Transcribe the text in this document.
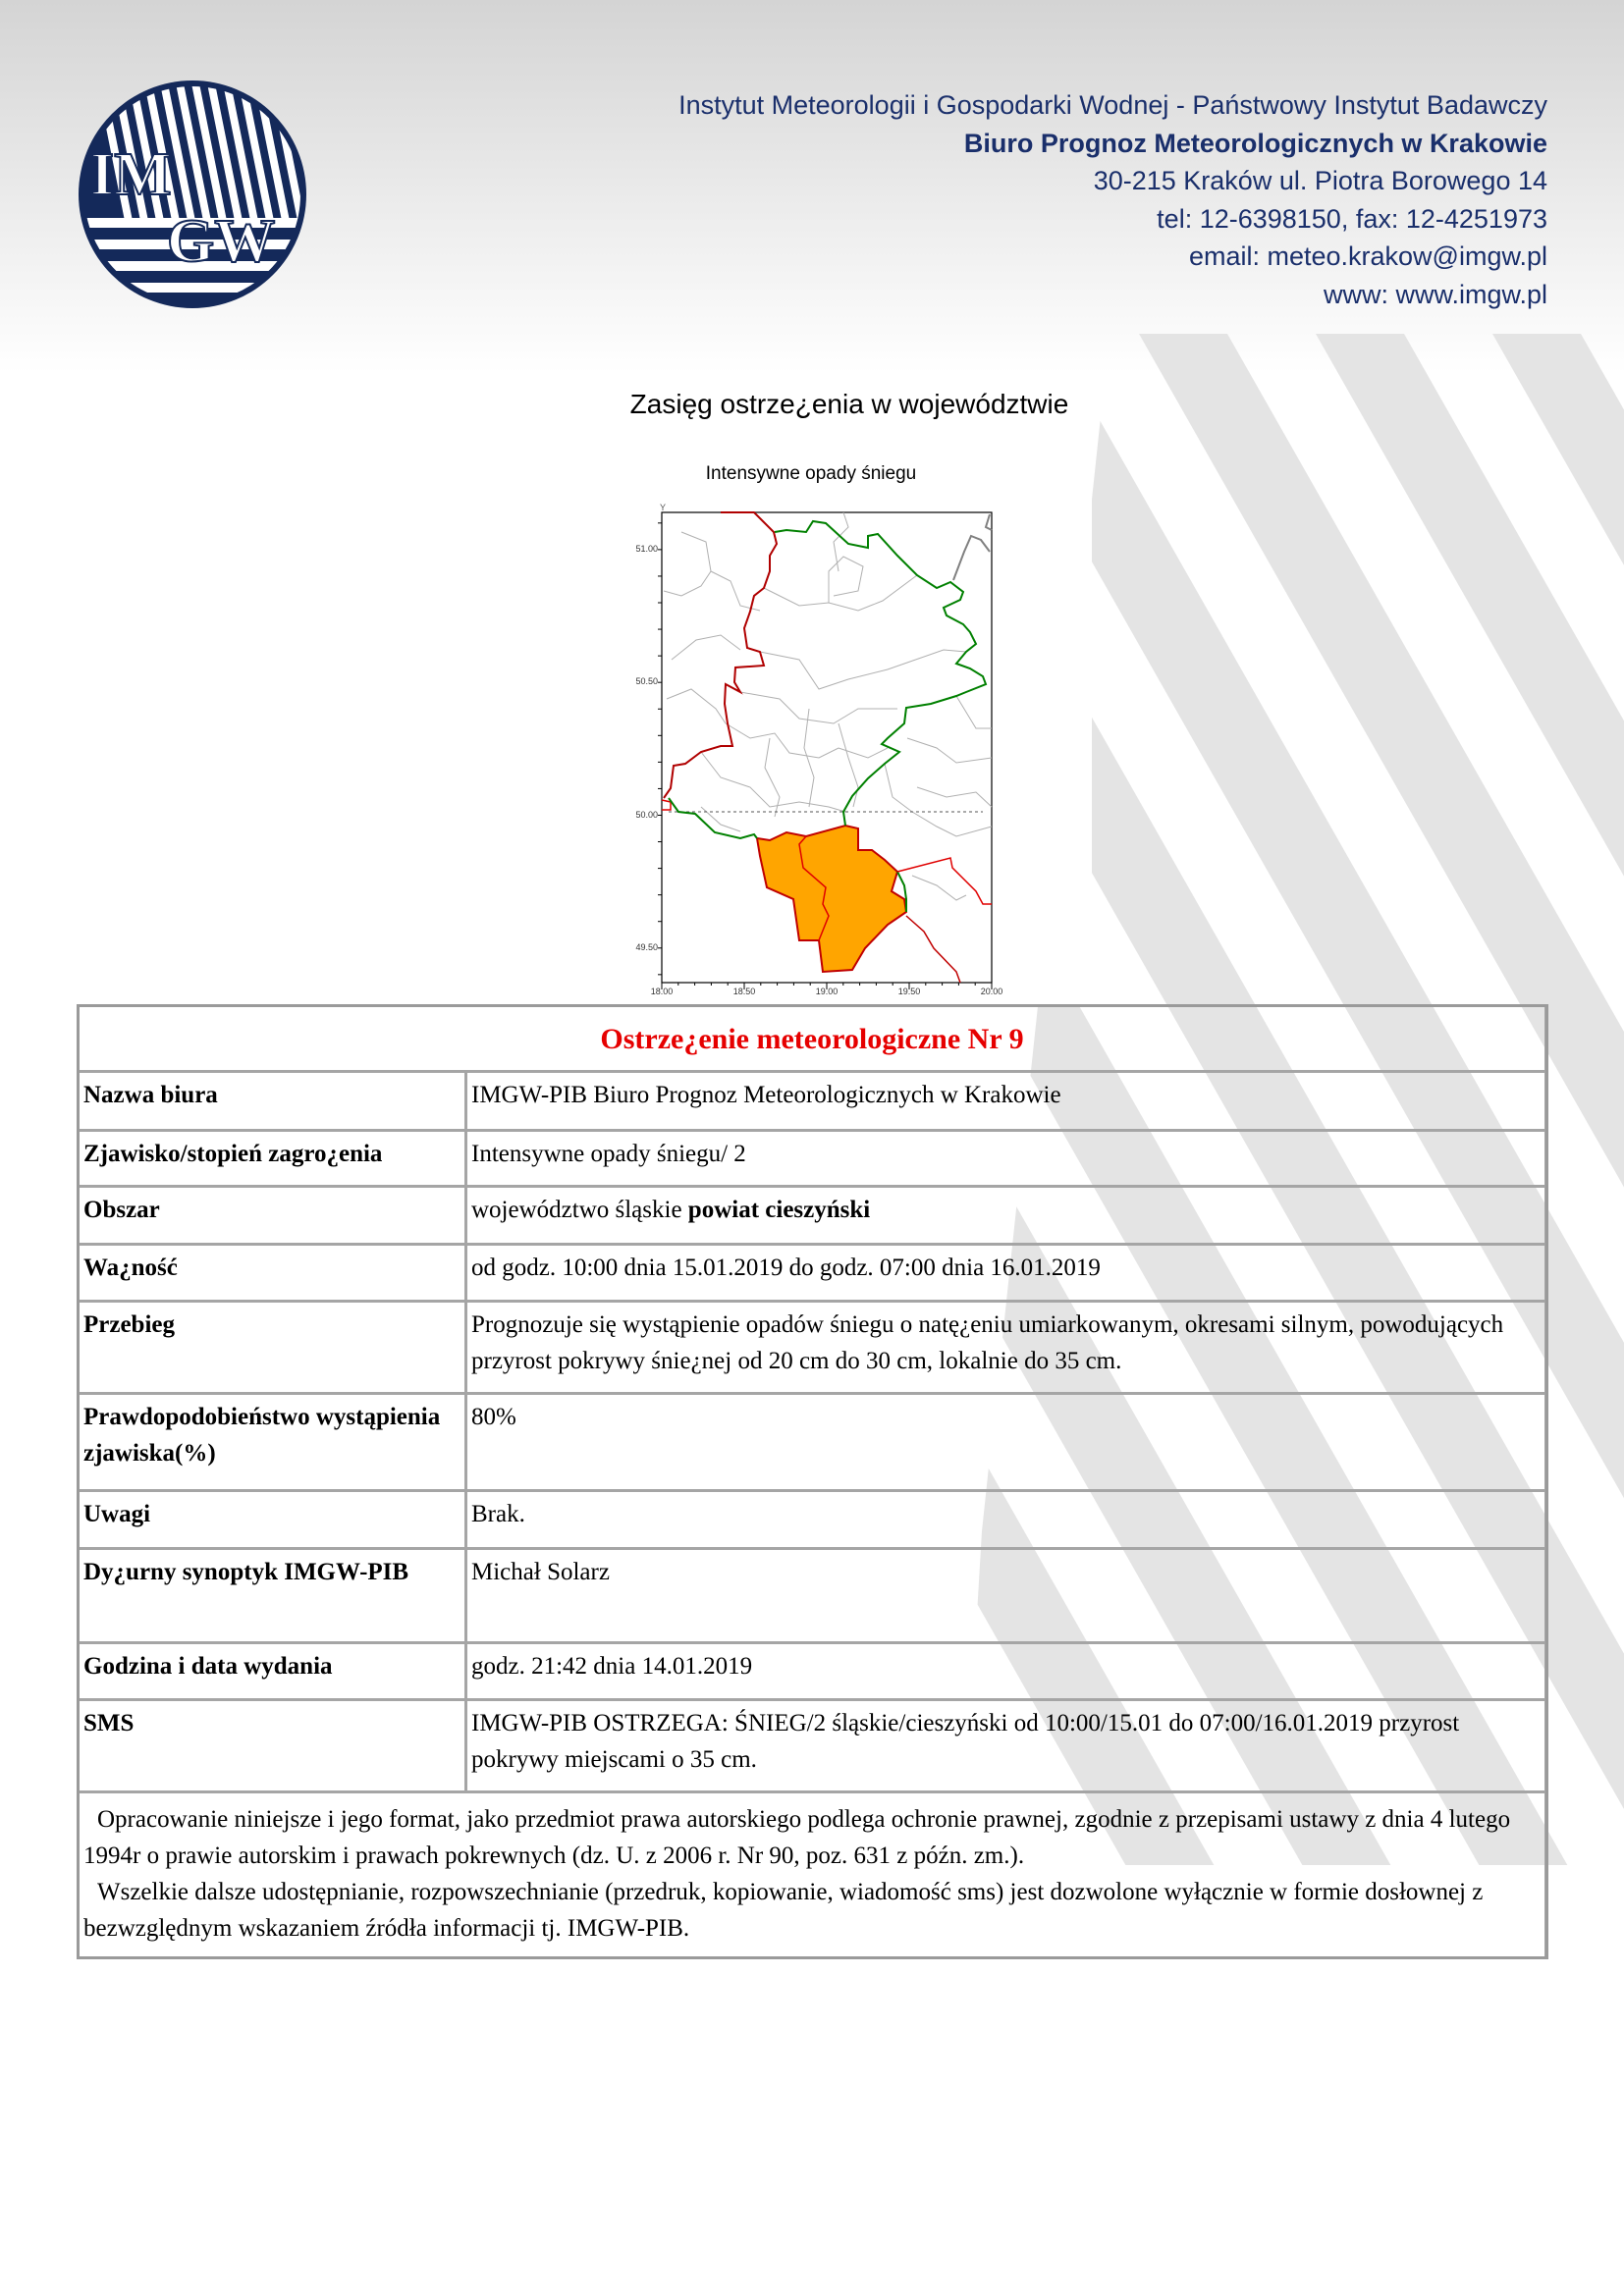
IM
GW
Instytut Meteorologii i Gospodarki Wodnej - Państwowy Instytut Badawczy
Biuro Prognoz Meteorologicznych w Krakowie
30-215 Kraków ul. Piotra Borowego 14
tel: 12-6398150, fax: 12-4251973
email: meteo.krakow@imgw.pl
www: www.imgw.pl
Zasięg ostrze¿enia w województwie
Intensywne opady śniegu
Y
51.00
50.50
50.00
49.50
18.00	18.50	19.00	19.50	20.00
Ostrze¿enie meteorologiczne Nr 9	
Nazwa biura	IMGW-PIB Biuro Prognoz Meteorologicznych w Krakowie
Zjawisko/stopień zagro¿enia	Intensywne opady śniegu/ 2
Obszar	województwo śląskie powiat cieszyński
Wa¿ność	od godz. 10:00 dnia 15.01.2019 do godz. 07:00 dnia 16.01.2019
Przebieg	Prognozuje się wystąpienie opadów śniegu o natę¿eniu umiarkowanym, okresami silnym, powodujących przyrost pokrywy śnie¿nej od 20 cm do 30 cm, lokalnie do 35 cm.
Prawdopodobieństwo wystąpienia zjawiska(%)	80%
Uwagi	Brak.
Dy¿urny synoptyk IMGW-PIB	Michał Solarz
Godzina i data wydania	godz. 21:42 dnia 14.01.2019
SMS	IMGW-PIB OSTRZEGA: ŚNIEG/2 śląskie/cieszyński od 10:00/15.01 do 07:00/16.01.2019 przyrost pokrywy miejscami o 35 cm.

Opracowanie niniejsze i jego format, jako przedmiot prawa autorskiego podlega ochronie prawnej, zgodnie z przepisami ustawy z dnia 4 lutego 1994r o prawie autorskim i prawach pokrewnych (dz. U. z 2006 r. Nr 90, poz. 631 z późn. zm.).
Wszelkie dalsze udostępnianie, rozpowszechnianie (przedruk, kopiowanie, wiadomość sms) jest dozwolone wyłącznie w formie dosłownej z bezwzględnym wskazaniem źródła informacji tj. IMGW-PIB.	
